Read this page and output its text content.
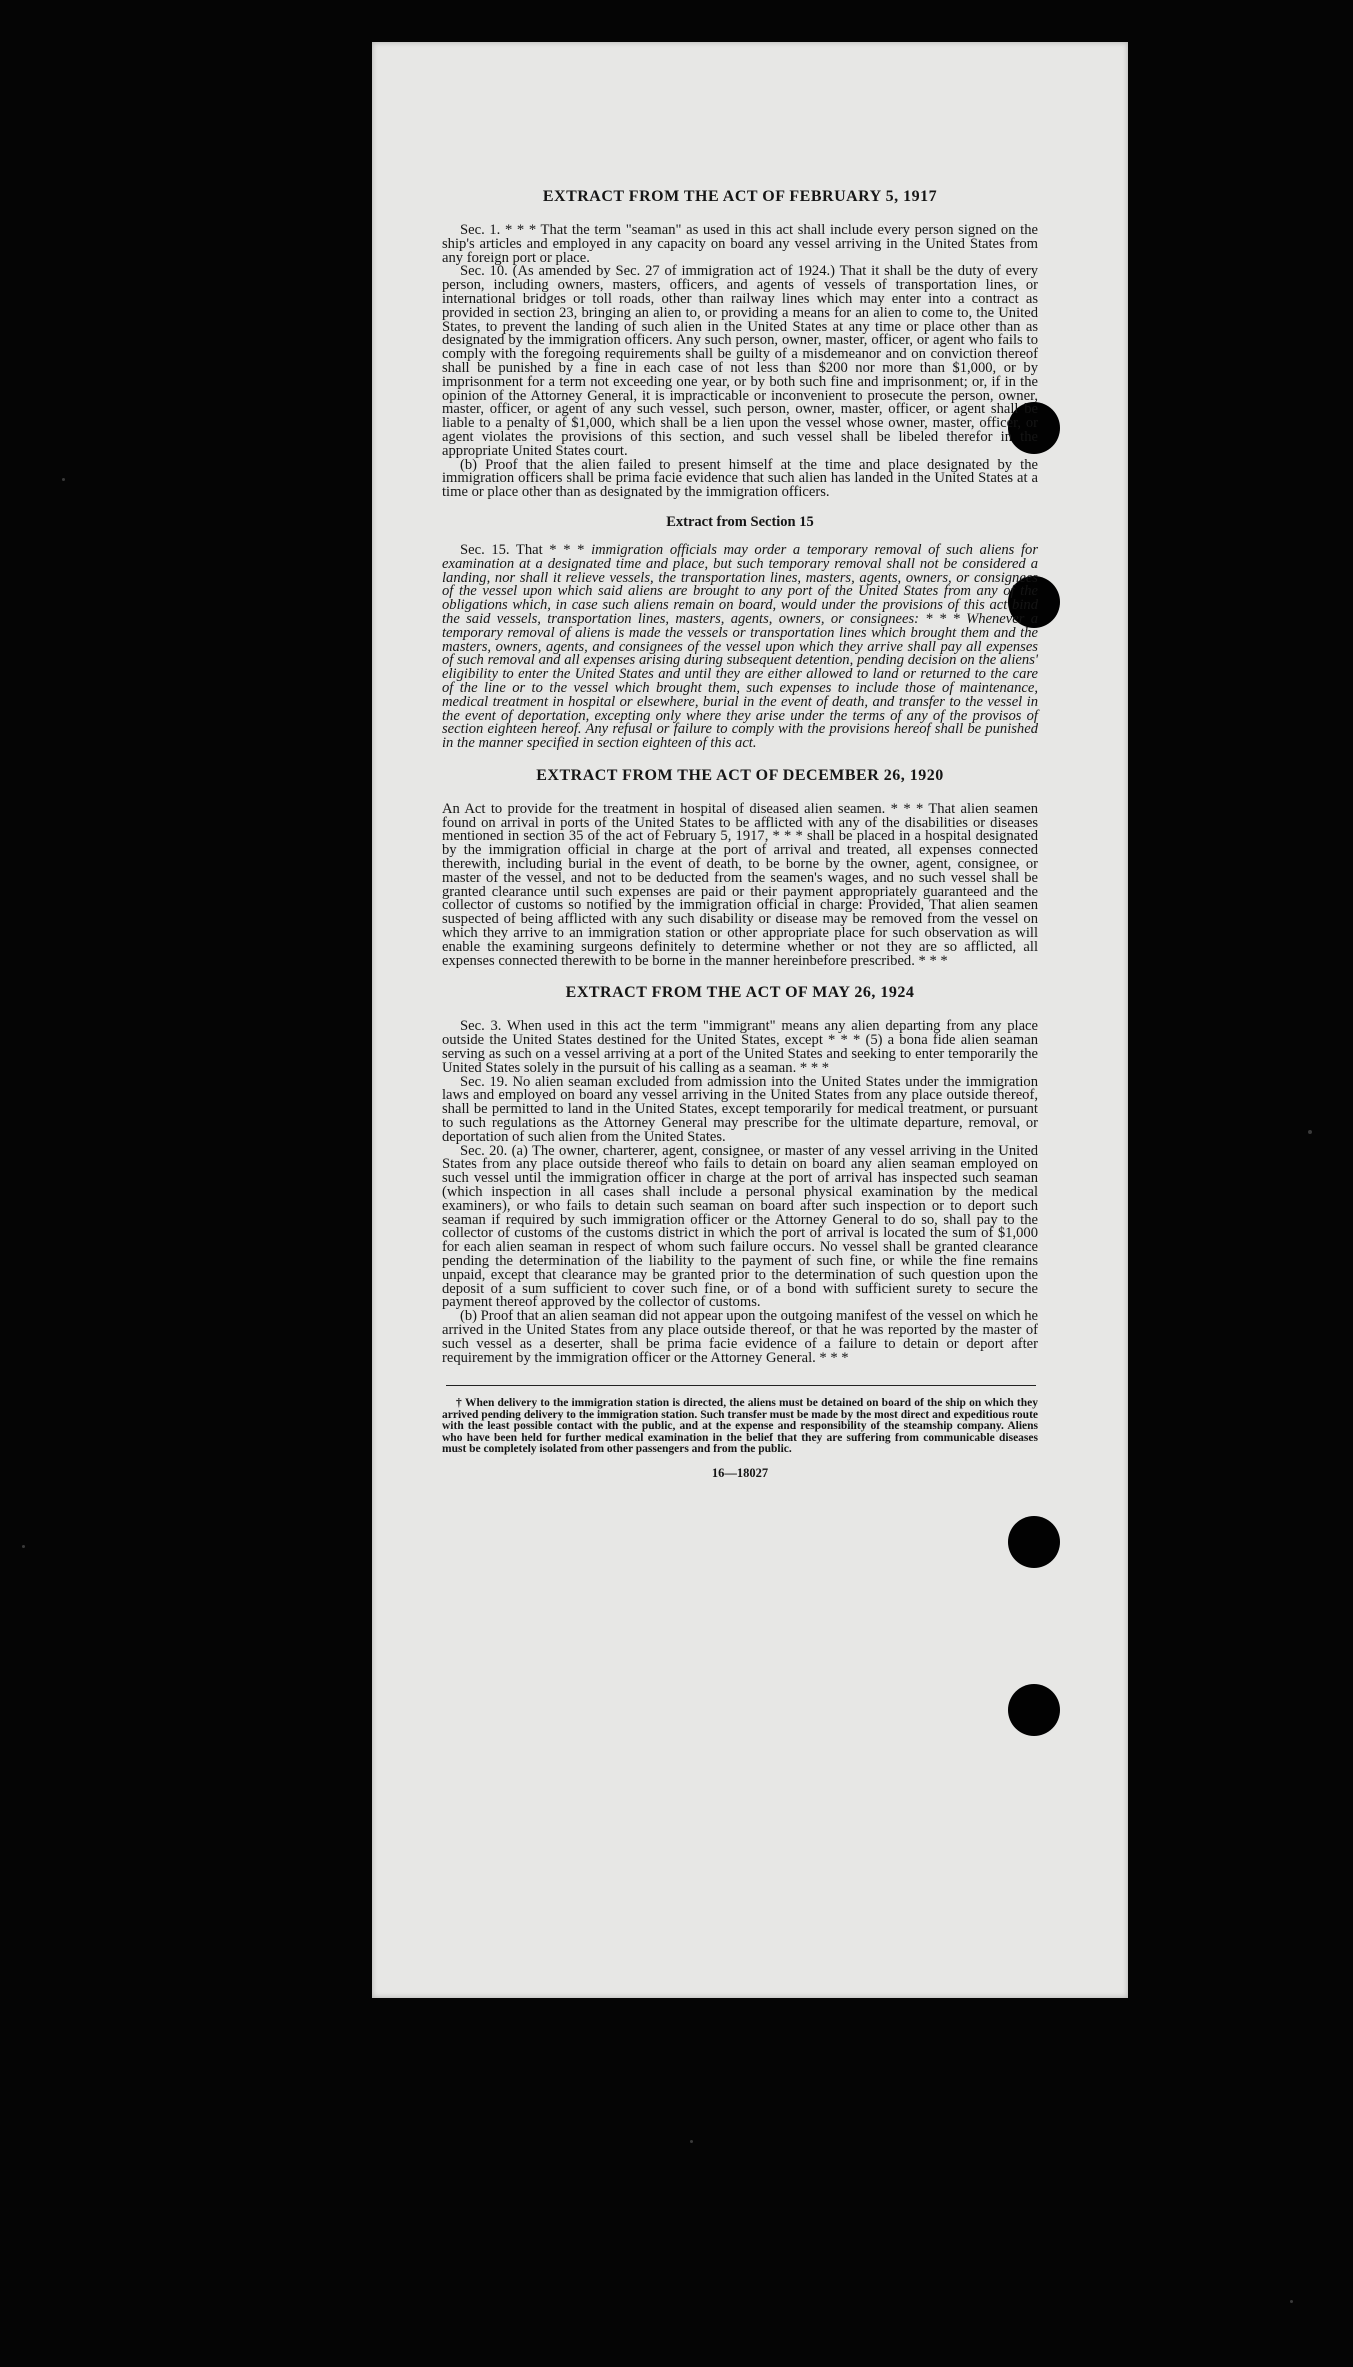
EXTRACT FROM THE ACT OF FEBRUARY 5, 1917

Sec. 1. * * * That the term "seaman" as used in this act shall include every person signed on the ship's articles and employed in any capacity on board any vessel arriving in the United States from any foreign port or place.

Sec. 10. (As amended by Sec. 27 of immigration act of 1924.) That it shall be the duty of every person, including owners, masters, officers, and agents of vessels of transportation lines, or international bridges or toll roads, other than railway lines which may enter into a contract as provided in section 23, bringing an alien to, or providing a means for an alien to come to, the United States, to prevent the landing of such alien in the United States at any time or place other than as designated by the immigration officers. Any such person, owner, master, officer, or agent who fails to comply with the foregoing requirements shall be guilty of a misdemeanor and on conviction thereof shall be punished by a fine in each case of not less than $200 nor more than $1,000, or by imprisonment for a term not exceeding one year, or by both such fine and imprisonment; or, if in the opinion of the Attorney General, it is impracticable or inconvenient to prosecute the person, owner, master, officer, or agent of any such vessel, such person, owner, master, officer, or agent shall be liable to a penalty of $1,000, which shall be a lien upon the vessel whose owner, master, officer, or agent violates the provisions of this section, and such vessel shall be libeled therefor in the appropriate United States court.

(b) Proof that the alien failed to present himself at the time and place designated by the immigration officers shall be prima facie evidence that such alien has landed in the United States at a time or place other than as designated by the immigration officers.

Extract from Section 15

Sec. 15. That * * * immigration officials may order a temporary removal of such aliens for examination at a designated time and place, but such temporary removal shall not be considered a landing, nor shall it relieve vessels, the transportation lines, masters, agents, owners, or consignees of the vessel upon which said aliens are brought to any port of the United States from any of the obligations which, in case such aliens remain on board, would under the provisions of this act bind the said vessels, transportation lines, masters, agents, owners, or consignees: * * * Whenever a temporary removal of aliens is made the vessels or transportation lines which brought them and the masters, owners, agents, and consignees of the vessel upon which they arrive shall pay all expenses of such removal and all expenses arising during subsequent detention, pending decision on the aliens' eligibility to enter the United States and until they are either allowed to land or returned to the care of the line or to the vessel which brought them, such expenses to include those of maintenance, medical treatment in hospital or elsewhere, burial in the event of death, and transfer to the vessel in the event of deportation, excepting only where they arise under the terms of any of the provisos of section eighteen hereof. Any refusal or failure to comply with the provisions hereof shall be punished in the manner specified in section eighteen of this act.

EXTRACT FROM THE ACT OF DECEMBER 26, 1920

An Act to provide for the treatment in hospital of diseased alien seamen. * * * That alien seamen found on arrival in ports of the United States to be afflicted with any of the disabilities or diseases mentioned in section 35 of the act of February 5, 1917, * * * shall be placed in a hospital designated by the immigration official in charge at the port of arrival and treated, all expenses connected therewith, including burial in the event of death, to be borne by the owner, agent, consignee, or master of the vessel, and not to be deducted from the seamen's wages, and no such vessel shall be granted clearance until such expenses are paid or their payment appropriately guaranteed and the collector of customs so notified by the immigration official in charge: Provided, That alien seamen suspected of being afflicted with any such disability or disease may be removed from the vessel on which they arrive to an immigration station or other appropriate place for such observation as will enable the examining surgeons definitely to determine whether or not they are so afflicted, all expenses connected therewith to be borne in the manner hereinbefore prescribed. * * *

EXTRACT FROM THE ACT OF MAY 26, 1924

Sec. 3. When used in this act the term "immigrant" means any alien departing from any place outside the United States destined for the United States, except * * * (5) a bona fide alien seaman serving as such on a vessel arriving at a port of the United States and seeking to enter temporarily the United States solely in the pursuit of his calling as a seaman. * * *

Sec. 19. No alien seaman excluded from admission into the United States under the immigration laws and employed on board any vessel arriving in the United States from any place outside thereof, shall be permitted to land in the United States, except temporarily for medical treatment, or pursuant to such regulations as the Attorney General may prescribe for the ultimate departure, removal, or deportation of such alien from the United States.

Sec. 20. (a) The owner, charterer, agent, consignee, or master of any vessel arriving in the United States from any place outside thereof who fails to detain on board any alien seaman employed on such vessel until the immigration officer in charge at the port of arrival has inspected such seaman (which inspection in all cases shall include a personal physical examination by the medical examiners), or who fails to detain such seaman on board after such inspection or to deport such seaman if required by such immigration officer or the Attorney General to do so, shall pay to the collector of customs of the customs district in which the port of arrival is located the sum of $1,000 for each alien seaman in respect of whom such failure occurs. No vessel shall be granted clearance pending the determination of the liability to the payment of such fine, or while the fine remains unpaid, except that clearance may be granted prior to the determination of such question upon the deposit of a sum sufficient to cover such fine, or of a bond with sufficient surety to secure the payment thereof approved by the collector of customs.

(b) Proof that an alien seaman did not appear upon the outgoing manifest of the vessel on which he arrived in the United States from any place outside thereof, or that he was reported by the master of such vessel as a deserter, shall be prima facie evidence of a failure to detain or deport after requirement by the immigration officer or the Attorney General. * * *

† When delivery to the immigration station is directed, the aliens must be detained on board of the ship on which they arrived pending delivery to the immigration station. Such transfer must be made by the most direct and expeditious route with the least possible contact with the public, and at the expense and responsibility of the steamship company. Aliens who have been held for further medical examination in the belief that they are suffering from communicable diseases must be completely isolated from other passengers and from the public.

16—18027
